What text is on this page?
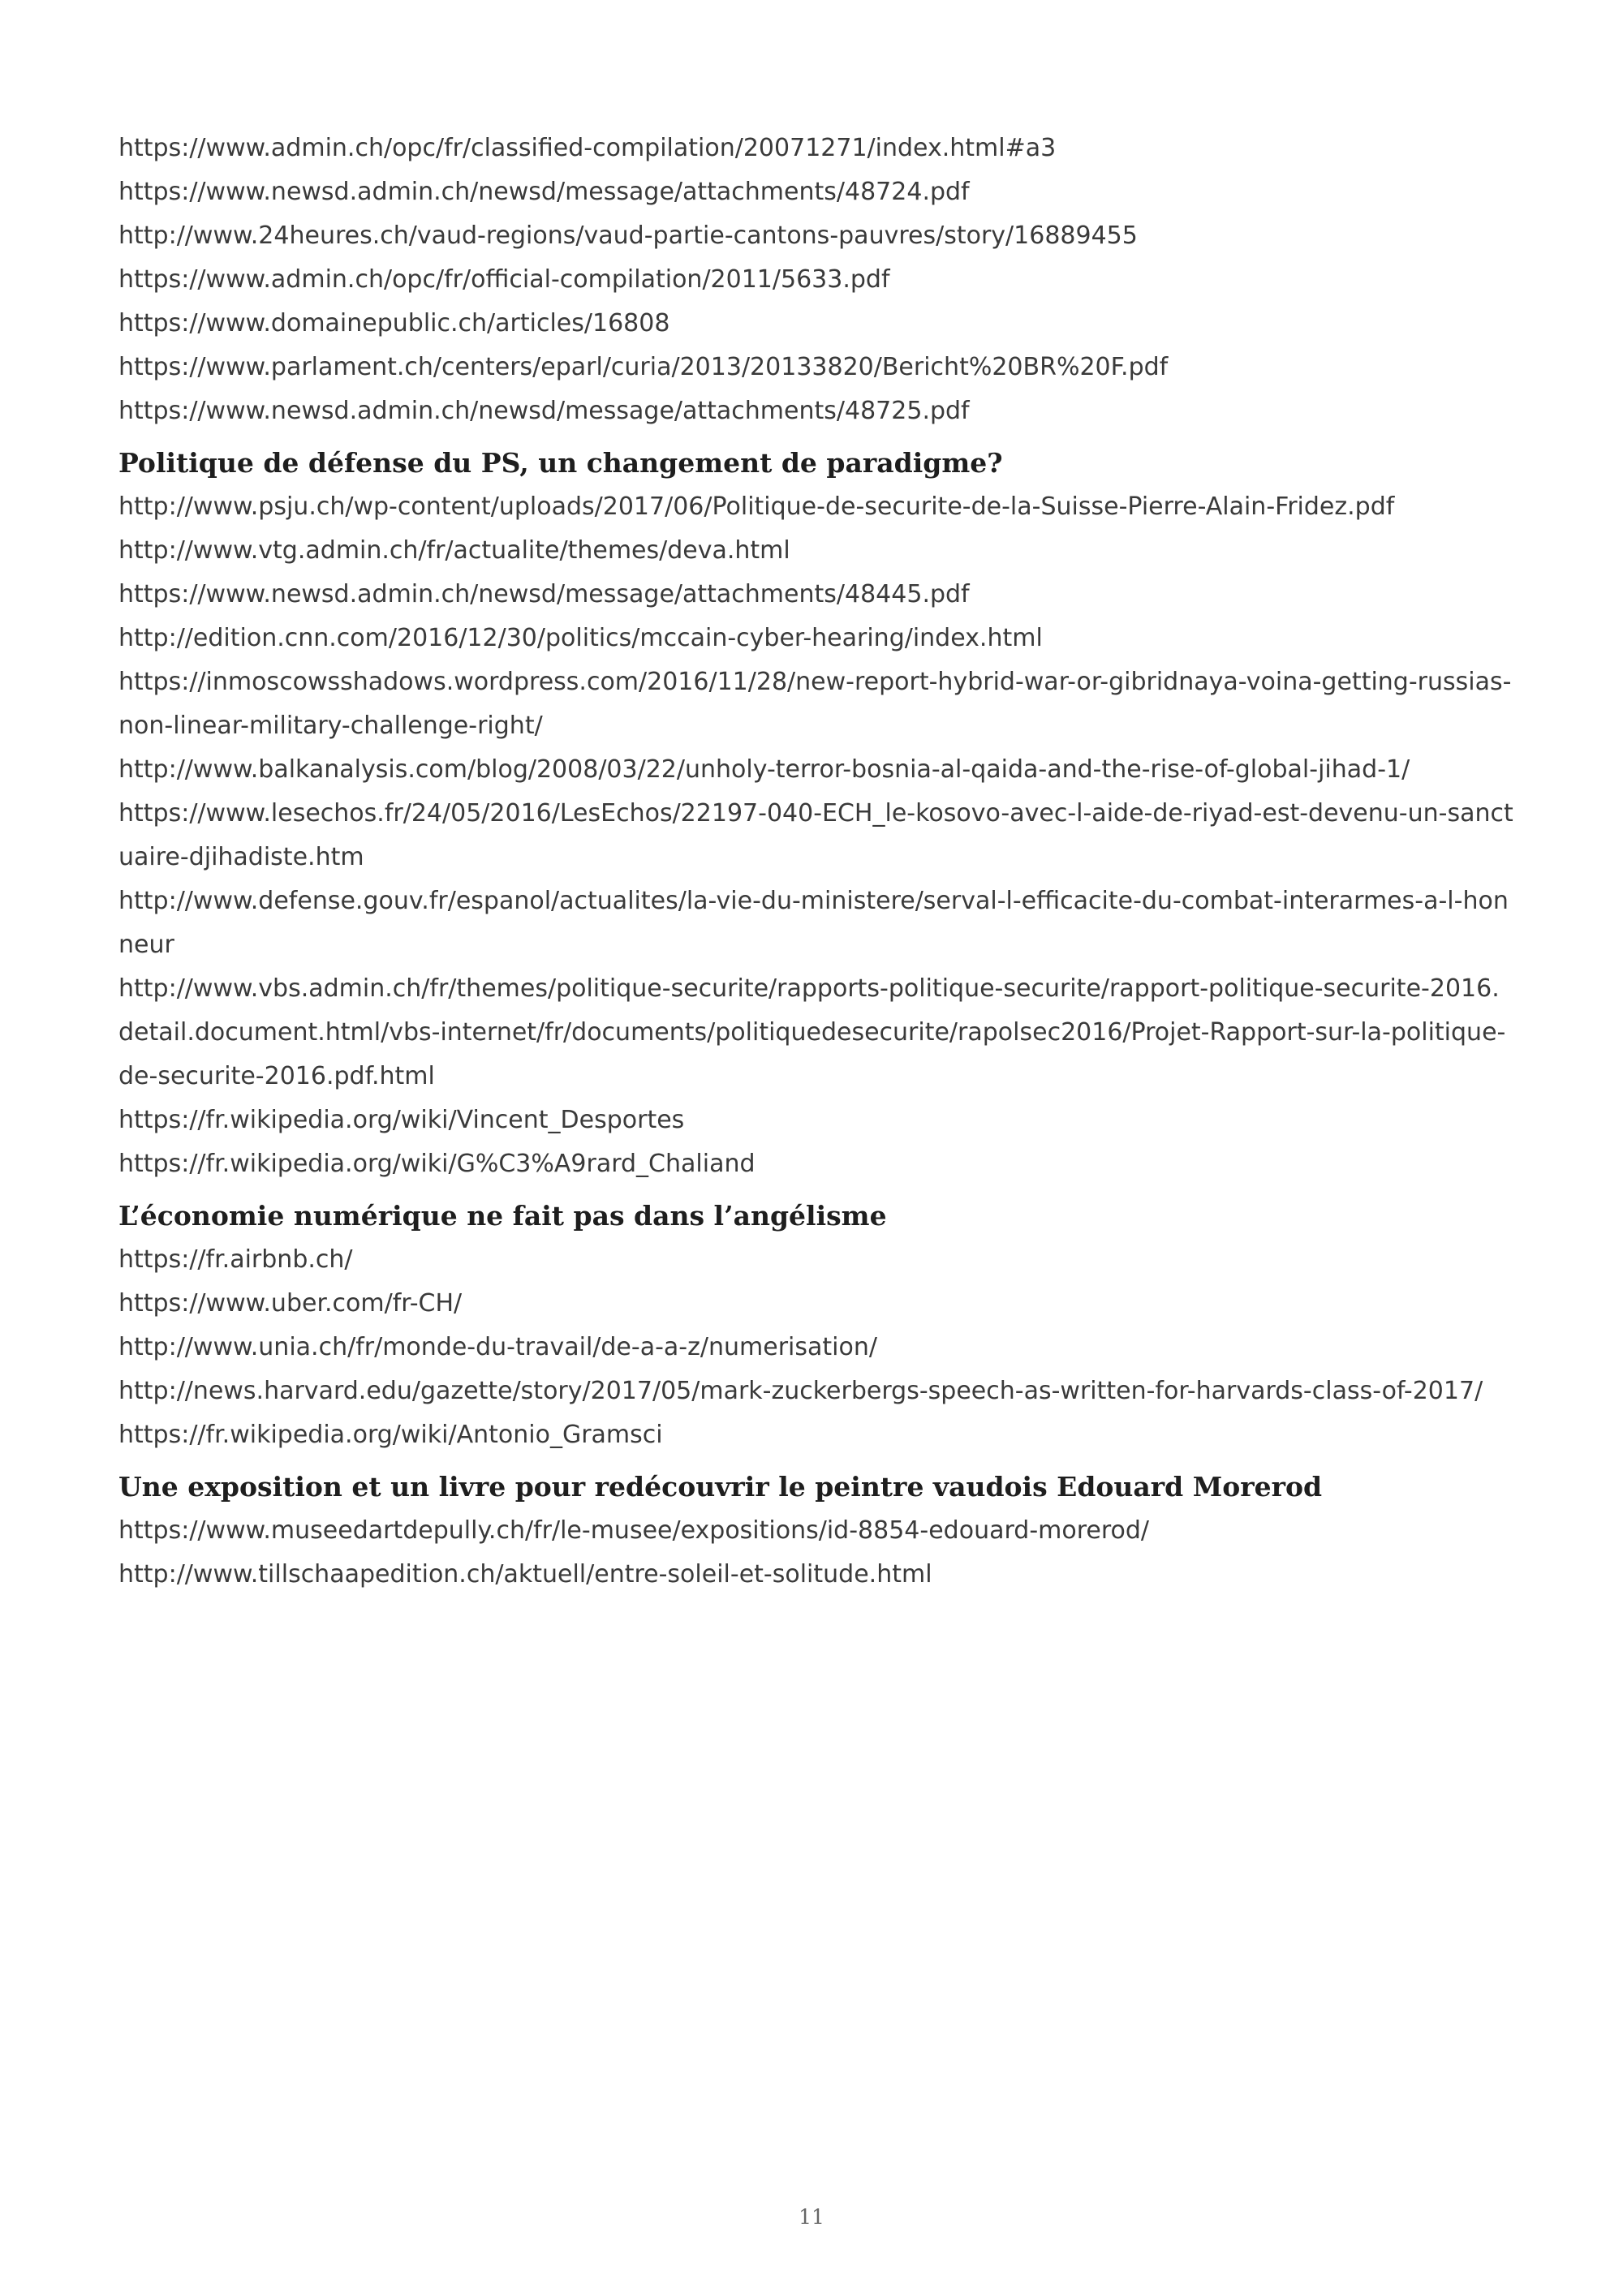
https://www.admin.ch/opc/fr/classified-compilation/20071271/index.html#a3
https://www.newsd.admin.ch/newsd/message/attachments/48724.pdf
http://www.24heures.ch/vaud-regions/vaud-partie-cantons-pauvres/story/16889455
https://www.admin.ch/opc/fr/official-compilation/2011/5633.pdf
https://www.domainepublic.ch/articles/16808
https://www.parlament.ch/centers/eparl/curia/2013/20133820/Bericht%20BR%20F.pdf
https://www.newsd.admin.ch/newsd/message/attachments/48725.pdf
Politique de défense du PS, un changement de paradigme?
http://www.psju.ch/wp-content/uploads/2017/06/Politique-de-securite-de-la-Suisse-Pierre-Alain-Fridez.pdf
http://www.vtg.admin.ch/fr/actualite/themes/deva.html
https://www.newsd.admin.ch/newsd/message/attachments/48445.pdf
http://edition.cnn.com/2016/12/30/politics/mccain-cyber-hearing/index.html
https://inmoscowsshadows.wordpress.com/2016/11/28/new-report-hybrid-war-or-gibridnaya-voina-getting-russias-non-linear-military-challenge-right/
http://www.balkanalysis.com/blog/2008/03/22/unholy-terror-bosnia-al-qaida-and-the-rise-of-global-jihad-1/
https://www.lesechos.fr/24/05/2016/LesEchos/22197-040-ECH_le-kosovo-avec-l-aide-de-riyad-est-devenu-un-sanctuaire-djihadiste.htm
http://www.defense.gouv.fr/espanol/actualites/la-vie-du-ministere/serval-l-efficacite-du-combat-interarmes-a-l-honneur
http://www.vbs.admin.ch/fr/themes/politique-securite/rapports-politique-securite/rapport-politique-securite-2016.detail.document.html/vbs-internet/fr/documents/politiquedesecurite/rapolsec2016/Projet-Rapport-sur-la-politique-de-securite-2016.pdf.html
https://fr.wikipedia.org/wiki/Vincent_Desportes
https://fr.wikipedia.org/wiki/G%C3%A9rard_Chaliand
L’économie numérique ne fait pas dans l’angélisme
https://fr.airbnb.ch/
https://www.uber.com/fr-CH/
http://www.unia.ch/fr/monde-du-travail/de-a-a-z/numerisation/
http://news.harvard.edu/gazette/story/2017/05/mark-zuckerbergs-speech-as-written-for-harvards-class-of-2017/
https://fr.wikipedia.org/wiki/Antonio_Gramsci
Une exposition et un livre pour redécouvrir le peintre vaudois Edouard Morerod
https://www.museedartdepully.ch/fr/le-musee/expositions/id-8854-edouard-morerod/
http://www.tillschaapedition.ch/aktuell/entre-soleil-et-solitude.html
11
